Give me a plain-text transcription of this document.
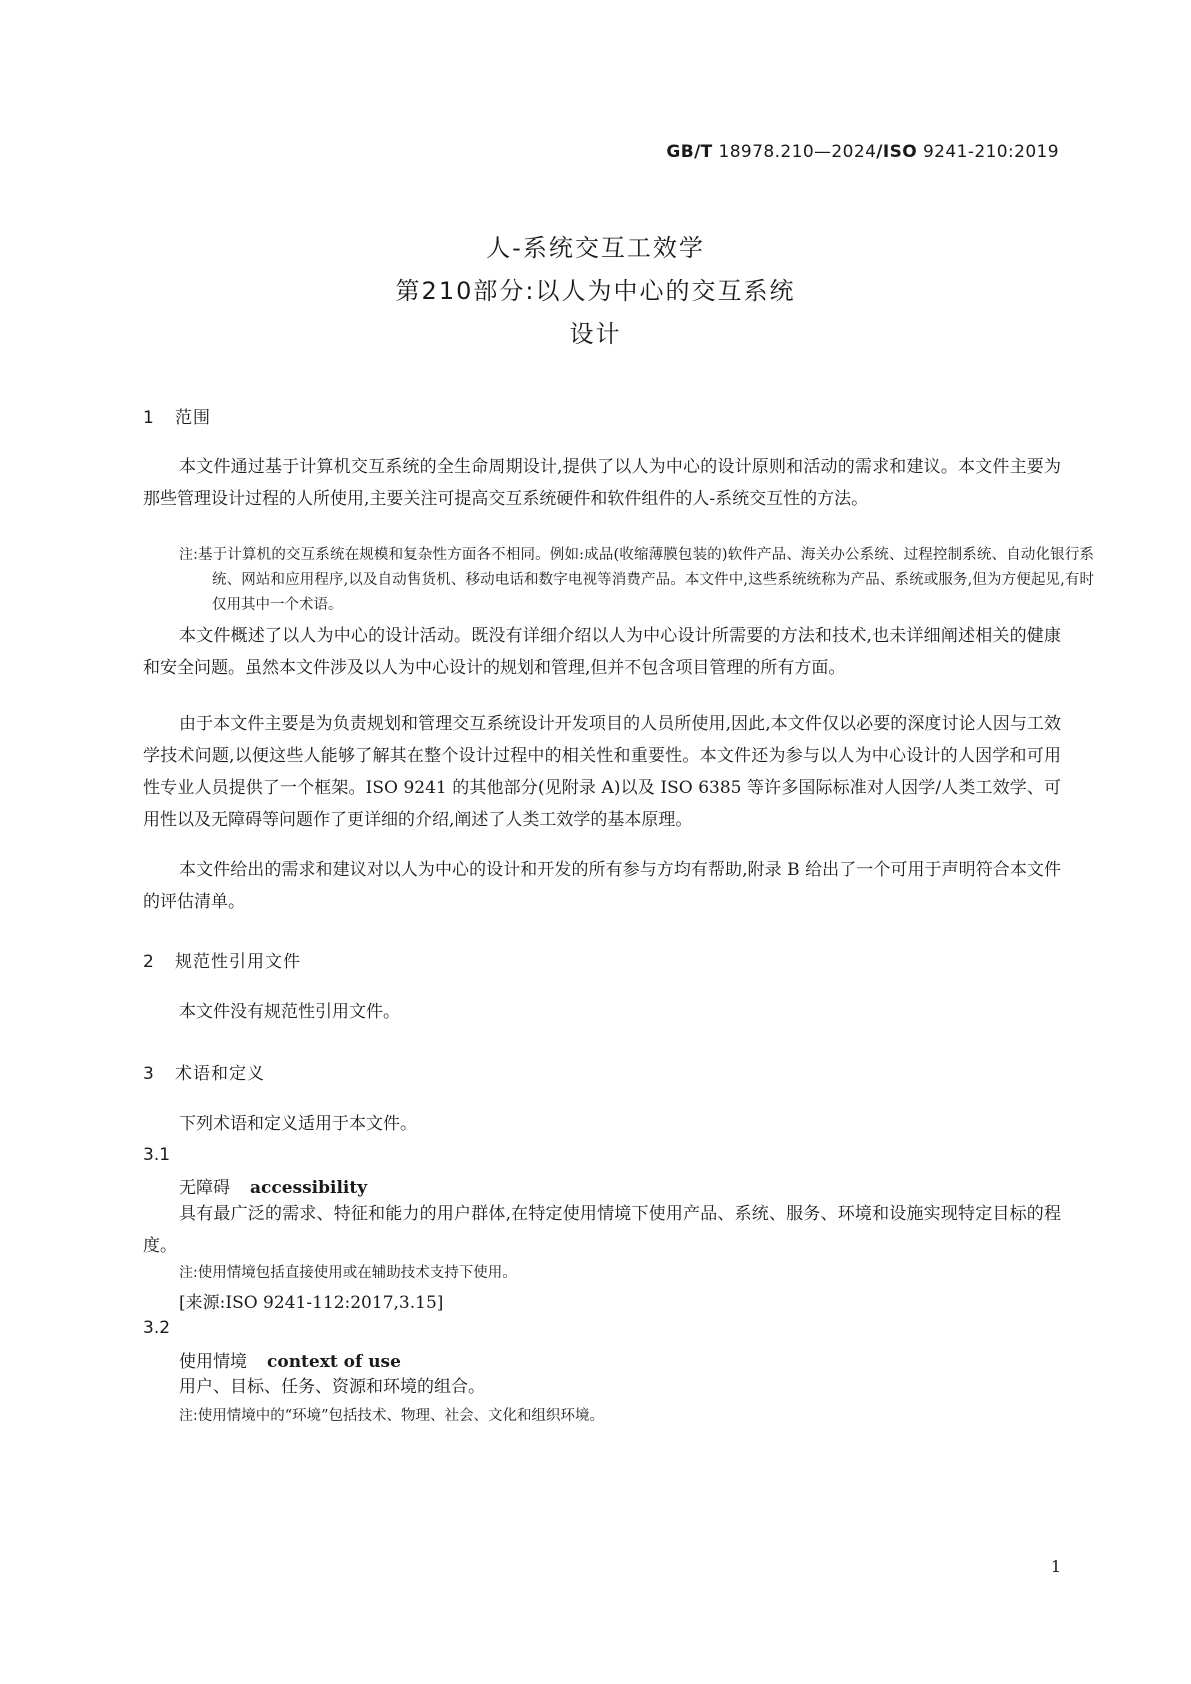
GB/T 18978.210—2024/ISO 9241-210:2019
人-系统交互工效学
第210部分:以人为中心的交互系统
设计
1 范围

本文件通过基于计算机交互系统的全生命周期设计,提供了以人为中心的设计原则和活动的需求和建议。本文件主要为那些管理设计过程的人所使用,主要关注可提高交互系统硬件和软件组件的人-系统交互性的方法。

注:基于计算机的交互系统在规模和复杂性方面各不相同。例如:成品(收缩薄膜包装的)软件产品、海关办公系统、过程控制系统、自动化银行系统、网站和应用程序,以及自动售货机、移动电话和数字电视等消费产品。本文件中,这些系统统称为产品、系统或服务,但为方便起见,有时仅用其中一个术语。

本文件概述了以人为中心的设计活动。既没有详细介绍以人为中心设计所需要的方法和技术,也未详细阐述相关的健康和安全问题。虽然本文件涉及以人为中心设计的规划和管理,但并不包含项目管理的所有方面。

由于本文件主要是为负责规划和管理交互系统设计开发项目的人员所使用,因此,本文件仅以必要的深度讨论人因与工效学技术问题,以便这些人能够了解其在整个设计过程中的相关性和重要性。本文件还为参与以人为中心设计的人因学和可用性专业人员提供了一个框架。ISO 9241 的其他部分(见附录 A)以及 ISO 6385 等许多国际标准对人因学/人类工效学、可用性以及无障碍等问题作了更详细的介绍,阐述了人类工效学的基本原理。

本文件给出的需求和建议对以人为中心的设计和开发的所有参与方均有帮助,附录 B 给出了一个可用于声明符合本文件的评估清单。

2 规范性引用文件

本文件没有规范性引用文件。

3 术语和定义

下列术语和定义适用于本文件。

3.1
无障碍 accessibility

具有最广泛的需求、特征和能力的用户群体,在特定使用情境下使用产品、系统、服务、环境和设施实现特定目标的程度。

注:使用情境包括直接使用或在辅助技术支持下使用。
[来源:ISO 9241-112:2017,3.15]
3.2
使用情境 context of use

用户、目标、任务、资源和环境的组合。

注:使用情境中的“环境”包括技术、物理、社会、文化和组织环境。
1
